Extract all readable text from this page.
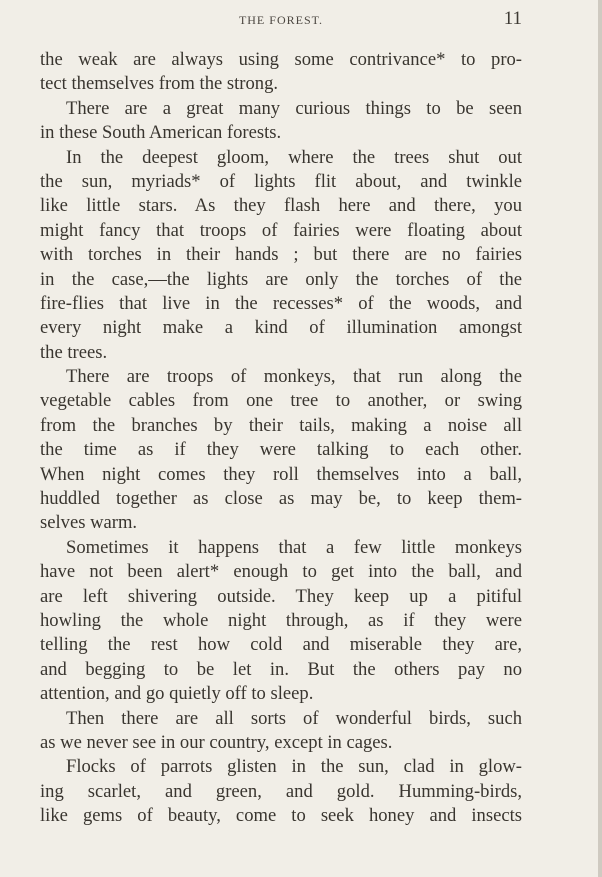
THE FOREST.	11
the weak are always using some contrivance* to pro-
tect themselves from the strong.
There are a great many curious things to be seen
in these South American forests.
In the deepest gloom, where the trees shut out
the sun, myriads* of lights flit about, and twinkle
like little stars. As they flash here and there, you
might fancy that troops of fairies were floating about
with torches in their hands ; but there are no fairies
in the case,—the lights are only the torches of the
fire-flies that live in the recesses* of the woods, and
every night make a kind of illumination amongst
the trees.
There are troops of monkeys, that run along the
vegetable cables from one tree to another, or swing
from the branches by their tails, making a noise all
the time as if they were talking to each other.
When night comes they roll themselves into a ball,
huddled together as close as may be, to keep them-
selves warm.
Sometimes it happens that a few little monkeys
have not been alert* enough to get into the ball, and
are left shivering outside. They keep up a pitiful
howling the whole night through, as if they were
telling the rest how cold and miserable they are,
and begging to be let in. But the others pay no
attention, and go quietly off to sleep.
Then there are all sorts of wonderful birds, such
as we never see in our country, except in cages.
Flocks of parrots glisten in the sun, clad in glow-
ing scarlet, and green, and gold. Humming-birds,
like gems of beauty, come to seek honey and insects
